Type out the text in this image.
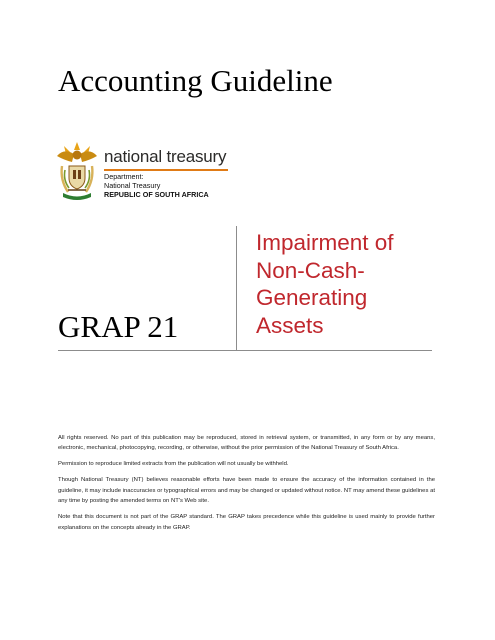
Accounting Guideline
national treasury
Department:
National Treasury
REPUBLIC OF SOUTH AFRICA
GRAP 21
Impairment of
Non-Cash-
Generating
Assets

All rights reserved. No part of this publication may be reproduced, stored in retrieval system, or transmitted, in any form or by any means, electronic, mechanical, photocopying, recording, or otherwise, without the prior permission of the National Treasury of South Africa.

Permission to reproduce limited extracts from the publication will not usually be withheld.

Though National Treasury (NT) believes reasonable efforts have been made to ensure the accuracy of the information contained in the guideline, it may include inaccuracies or typographical errors and may be changed or updated without notice. NT may amend these guidelines at any time by posting the amended terms on NT's Web site.

Note that this document is not part of the GRAP standard. The GRAP takes precedence while this guideline is used mainly to provide further explanations on the concepts already in the GRAP.
